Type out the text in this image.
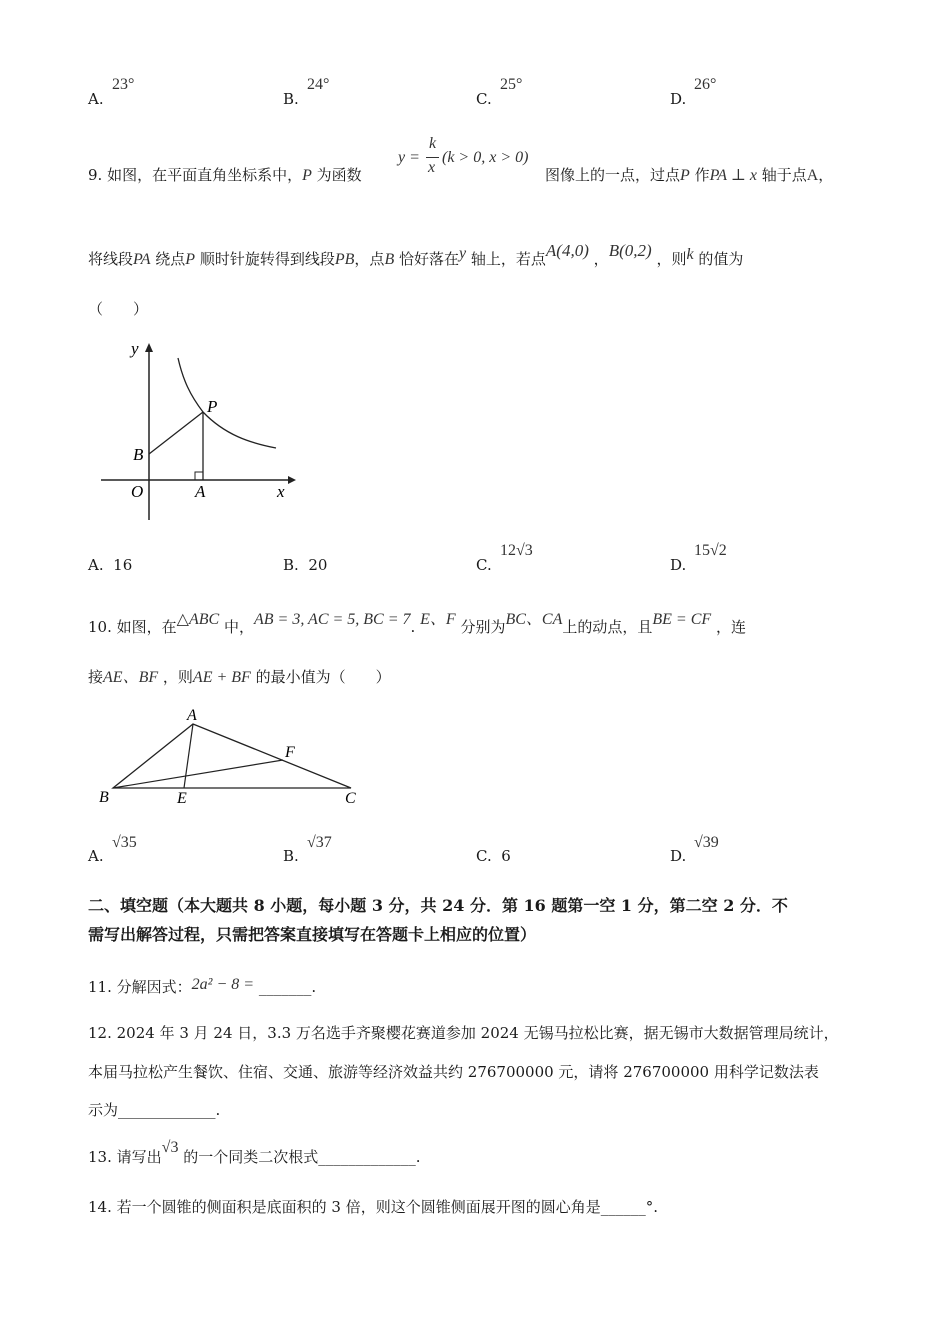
A.
23°
B.
24°
C.
25°
D.
26°
9. 如图，在平面直角坐标系中，P 为函数
y =
k
x
(k > 0, x > 0)
图像上的一点，过点P 作PA ⊥ x 轴于点A，
将线段PA 绕点P 顺时针旋转得到线段PB，点B 恰好落在y 轴上，若点A(4,0) ，B(0,2) ，则k 的值为
（　　）
y
x
O	A
B
P
A. 16	B. 20	C.
12√3
D.
15√2
10. 如图，在△ABC 中，AB = 3, AC = 5, BC = 7. E、F 分别为BC、CA上的动点，且BE = CF ，连
接AE、BF ，则AE + BF 的最小值为（　　）
A
B	C
E
F
A.
√35
B.
√37
C. 6	D.
√39
二、填空题（本大题共 8 小题，每小题 3 分，共 24 分．第 16 题第一空 1 分，第二空 2 分．不
需写出解答过程，只需把答案直接填写在答题卡上相应的位置）
11. 分解因式：2a² − 8 = _______.
12. 2024 年 3 月 24 日，3.3 万名选手齐聚樱花赛道参加 2024 无锡马拉松比赛，据无锡市大数据管理局统计，
本届马拉松产生餐饮、住宿、交通、旅游等经济效益共约 276700000 元，请将 276700000 用科学记数法表
示为_____________.
13. 请写出√3 的一个同类二次根式_____________.
14. 若一个圆锥的侧面积是底面积的 3 倍，则这个圆锥侧面展开图的圆心角是______°.
